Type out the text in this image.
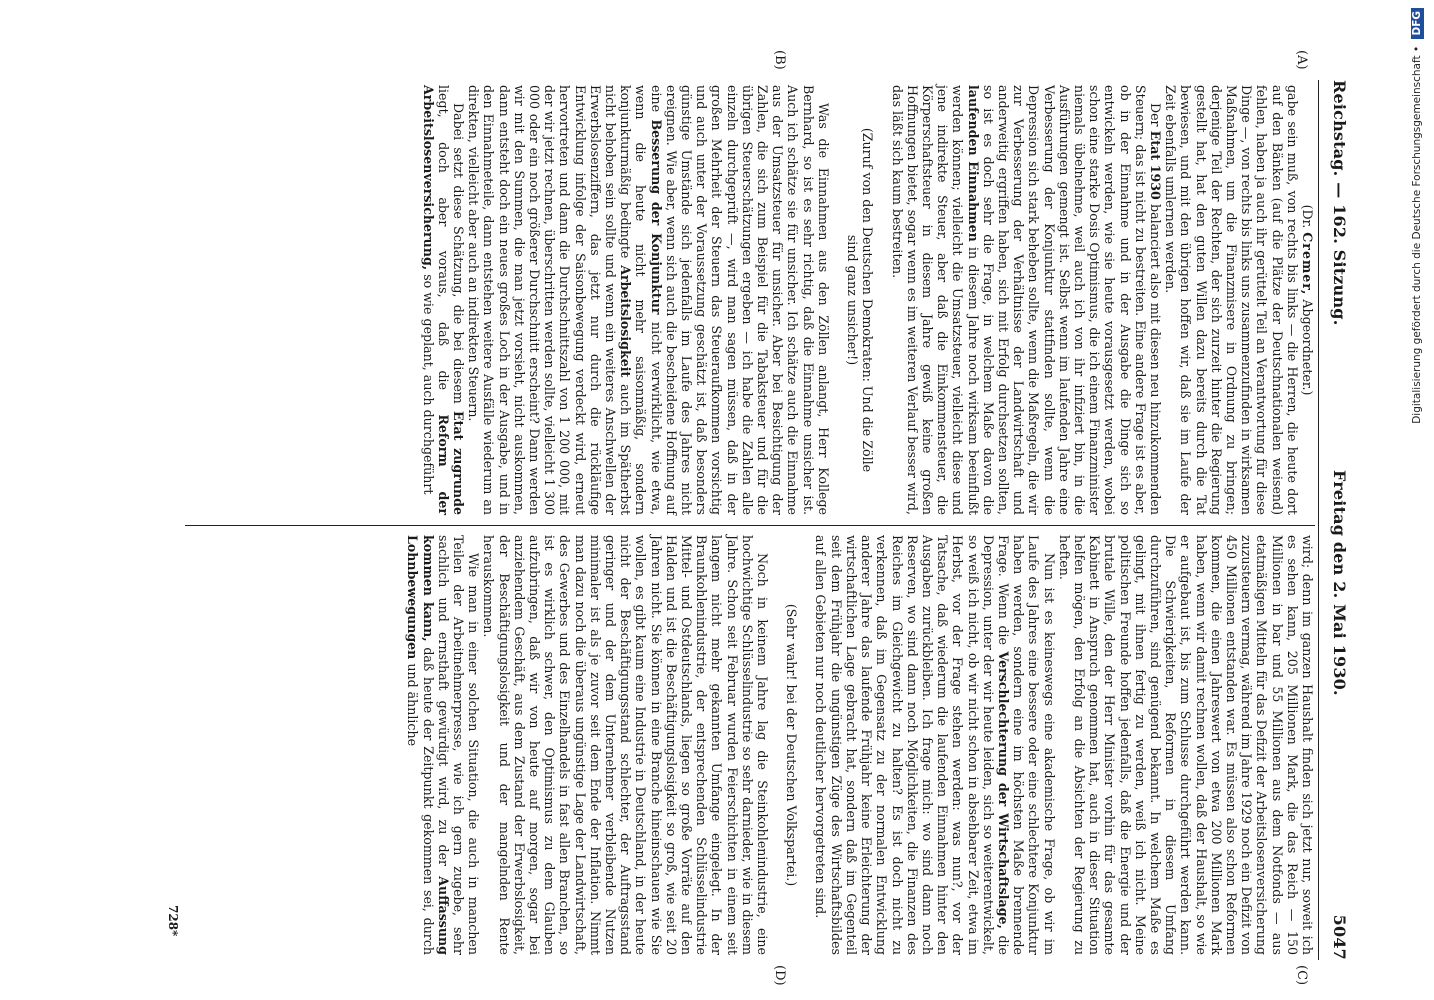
Reichstag. — 162. Sitzung.
Freitag den 2. Mai 1930.
5047
(A)
(B)
(C)
(D)

(Dr. Cremer, Abgeordneter.)

gabe sein muß, von rechts bis links — die Herren, die heute dort auf den Bänken (auf die Plätze der Deutschnationalen weisend) fehlen, haben ja auch ihr gerüttelt Teil an Verantwortung für diese Dinge —, von rechts bis links uns zusammenzufinden in wirksamen Maßnahmen, um die Finanzmisere in Ordnung zu bringen; derjenige Teil der Rechten, der sich zurzeit hinter die Regierung gestellt hat, hat den guten Willen dazu bereits durch die Tat bewiesen, und mit den übrigen hoffen wir, daß sie im Laufe der Zeit ebenfalls umlernen werden.

Der Etat 1930 balanciert also mit diesen neu hinzukommenden Steuern; das ist nicht zu bestreiten. Eine andere Frage ist es aber, ob in der Einnahme und in der Ausgabe die Dinge sich so entwickeln werden, wie sie heute vorausgesetzt werden, wobei schon eine starke Dosis Optimismus, die ich einem Finanzminister niemals übelnehme, weil auch ich von ihr infiziert bin, in die Ausführungen gemengt ist. Selbst wenn im laufenden Jahre eine Verbesserung der Konjunktur stattfinden sollte, wenn die Depression sich stark beheben sollte, wenn die Maßregeln, die wir zur Verbesserung der Verhältnisse der Landwirtschaft und anderweitig ergriffen haben, sich mit Erfolg durchsetzen sollten, so ist es doch sehr die Frage, in welchem Maße davon die laufenden Einnahmen in diesem Jahre noch wirksam beeinflußt werden können; vielleicht die Umsatzsteuer, vielleicht diese und jene indirekte Steuer, aber daß die Einkommensteuer, die Körperschaftsteuer in diesem Jahre gewiß keine großen Hoffnungen bietet, sogar wenn es im weiteren Verlauf besser wird, das läßt sich kaum bestreiten.

(Zuruf von den Deutschen Demokraten: Und die Zölle sind ganz unsicher!)

Was die Einnahmen aus den Zöllen anlangt, Herr Kollege Bernhard, so ist es sehr richtig, daß die Einnahme unsicher ist. Auch ich schätze sie für unsicher. Ich schätze auch die Einnahme aus der Umsatzsteuer für unsicher. Aber bei Besichtigung der Zahlen, die sich zum Beispiel für die Tabaksteuer und für die übrigen Steuerschätzungen ergeben — ich habe die Zahlen alle einzeln durchgeprüft —, wird man sagen müssen, daß in der großen Mehrheit der Steuern das Steueraufkommen vorsichtig und auch unter der Voraussetzung geschätzt ist, daß besonders günstige Umstände sich jedenfalls im Laufe des Jahres nicht ereignen. Wie aber, wenn sich auch die bescheidene Hoffnung auf eine Besserung der Konjunktur nicht verwirklicht, wie etwa, wenn die heute nicht mehr saisonmäßig, sondern konjunkturmäßig bedingte Arbeitslosigkeit auch im Spätherbst nicht behoben sein sollte und wenn ein weiteres Anschwellen der Erwerbslosenziffern, das jetzt nur durch die rückläufige Entwicklung infolge der Saisonbewegung verdeckt wird, erneut hervortreten und dann die Durchschnittszahl von 1 200 000, mit der wir jetzt rechnen, überschritten werden sollte, vielleicht 1 300 000 oder ein noch größerer Durchschnitt erscheint? Dann werden wir mit den Summen, die man jetzt vorsieht, nicht auskommen, dann entsteht doch ein neues großes Loch in der Ausgabe, und in den Einnahmeteile, dann entstehen weitere Ausfälle wiederum an direkten, vielleicht aber auch an indirekten Steuern.

Dabei setzt diese Schätzung, die bei diesem Etat zugrunde liegt, doch aber voraus, daß die Reform der Arbeitslosenversicherung, so wie geplant, auch durchgeführt

wird; denn im ganzen Haushalt finden sich jetzt nur, soweit ich es sehen kann, 205 Millionen Mark, die das Reich — 150 Millionen in bar und 55 Millionen aus dem Notfonds — aus etatmäßigen Mitteln für das Defizit der Arbeitslosenversicherung zuzusteuern vermag, während im Jahre 1929 noch ein Defizit von 450 Millionen entstanden war. Es müssen also schon Reformen kommen, die einen Jahreswert von etwa 200 Millionen Mark haben, wenn wir damit rechnen wollen, daß der Haushalt, so wie er aufgebaut ist, bis zum Schlusse durchgeführt werden kann. Die Schwierigkeiten, Reformen in diesem Umfang durchzuführen, sind genügend bekannt. In welchem Maße es gelingt, mit ihnen fertig zu werden, weiß ich nicht. Meine politischen Freunde hoffen jedenfalls, daß die Energie und der brutale Wille, den der Herr Minister vorhin für das gesamte Kabinett in Anspruch genommen hat, auch in dieser Situation helfen mögen, den Erfolg an die Absichten der Regierung zu heften.

Nun ist es keineswegs eine akademische Frage, ob wir im Laufe des Jahres eine bessere oder eine schlechtere Konjunktur haben werden, sondern eine im höchsten Maße brennende Frage. Wenn die Verschlechterung der Wirtschaftslage, die Depression, unter der wir heute leiden, sich so weiterentwickelt, so weiß ich nicht, ob wir nicht schon in absehbarer Zeit, etwa im Herbst, vor der Frage stehen werden: was nun?, vor der Tatsache, daß wiederum die laufenden Einnahmen hinter den Ausgaben zurückbleiben. Ich frage mich: wo sind dann noch Reserven, wo sind dann noch Möglichkeiten, die Finanzen des Reiches im Gleichgewicht zu halten? Es ist doch nicht zu verkennen, daß im Gegensatz zu der normalen Entwicklung anderer Jahre das laufende Frühjahr keine Erleichterung der wirtschaftlichen Lage gebracht hat, sondern daß im Gegenteil seit dem Frühjahr die ungünstigen Züge des Wirtschaftsbildes auf allen Gebieten nur noch deutlicher hervorgetreten sind.

(Sehr wahr! bei der Deutschen Volkspartei.)

Noch in keinem Jahre lag die Steinkohlenindustrie, eine hochwichtige Schlüsselindustrie so sehr darnieder, wie in diesem Jahre. Schon seit Februar wurden Feierschichten in einem seit langem nicht mehr gekannten Umfange eingelegt. In der Braunkohlenindustrie, der entsprechenden Schlüsselindustrie Mittel- und Ostdeutschlands, liegen so große Vorräte auf den Halden und ist die Beschäftigungslosigkeit so groß, wie seit 20 Jahren nicht. Sie können in eine Branche hineinschauen wie Sie wollen, es gibt kaum eine Industrie in Deutschland, in der heute nicht der Beschäftigungsstand schlechter, der Auftragsstand geringer und der dem Unternehmer verbleibende Nutzen minimaler ist als je zuvor seit dem Ende der Inflation. Nimmt man dazu noch die überaus ungünstige Lage der Landwirtschaft, des Gewerbes und des Einzelhandels in fast allen Branchen, so ist es wirklich schwer, den Optimismus zu dem Glauben aufzubringen, daß wir von heute auf morgen, sogar bei anziehendem Geschäft, aus dem Zustand der Erwerbslosigkeit, der Beschäftigungslosigkeit und der mangelnden Rente herauskommen.

Wie man in einer solchen Situation, die auch in manchen Teilen der Arbeitnehmerpresse, wie ich gern zugebe, sehr sachlich und ernsthaft gewürdigt wird, zu der Auffassung kommen kann, daß heute der Zeitpunkt gekommen sei, durch Lohnbewegungen und ähnliche

728*
Digitalisierung gefördert durch die Deutsche Forschungsgemeinschaft • DFG
